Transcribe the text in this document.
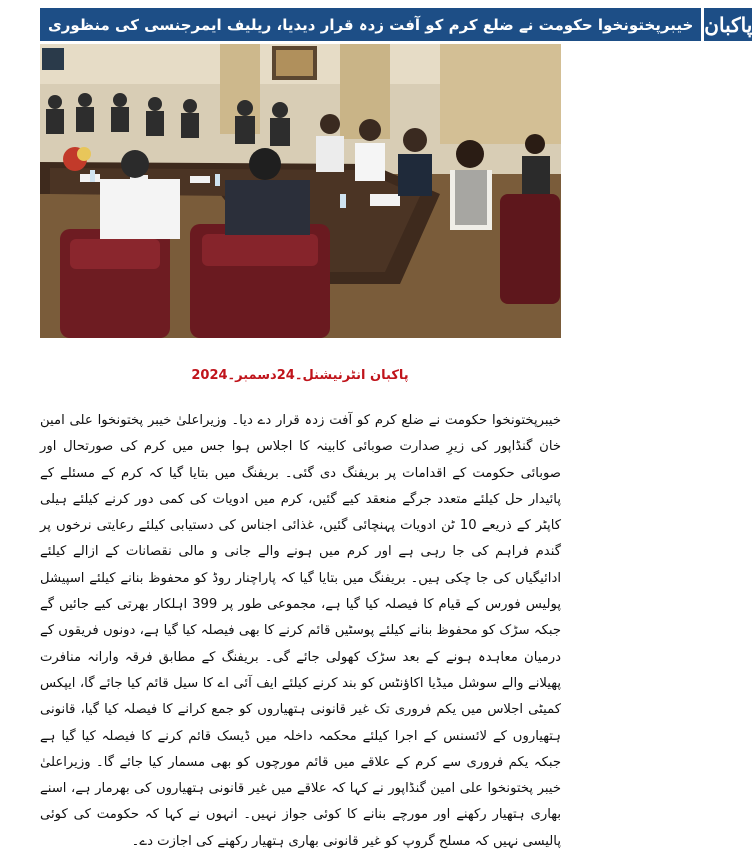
خیبرپختونخوا حکومت نے ضلع کرم کو آفت زدہ قرار دیدیا، ریلیف ایمرجنسی کی منظوری پاکبان
پاکبان انٹرنیشنل۔24دسمبر۔2024

خیبرپختونخوا حکومت نے ضلع کرم کو آفت زدہ قرار دے دیا۔ وزیراعلیٰ خیبر پختونخوا علی امین خان گنڈاپور کی زیرِ صدارت صوبائی کابینہ کا اجلاس ہوا جس میں کرم کی صورتحال اور صوبائی حکومت کے اقدامات پر بریفنگ دی گئی۔ بریفنگ میں بتایا گیا کہ کرم کے مسئلے کے پائیدار حل کیلئے متعدد جرگے منعقد کیے گئیں، کرم میں ادویات کی کمی دور کرنے کیلئے ہیلی کاپٹر کے ذریعے 10 ٹن ادویات پہنچائی گئیں، غذائی اجناس کی دستیابی کیلئے رعایتی نرخوں پر گندم فراہم کی جا رہی ہے اور کرم میں ہونے والے جانی و مالی نقصانات کے ازالے کیلئے ادائیگیاں کی جا چکی ہیں۔ بریفنگ میں بتایا گیا کہ پاراچنار روڈ کو محفوظ بنانے کیلئے اسپیشل پولیس فورس کے قیام کا فیصلہ کیا گیا ہے، مجموعی طور پر 399 اہلکار بھرتی کیے جائیں گے جبکہ سڑک کو محفوظ بنانے کیلئے پوسٹیں قائم کرنے کا بھی فیصلہ کیا گیا ہے، دونوں فریقوں کے درمیان معاہدہ ہونے کے بعد سڑک کھولی جائے گی۔ بریفنگ کے مطابق فرقہ وارانہ منافرت پھیلانے والے سوشل میڈیا اکاؤنٹس کو بند کرنے کیلئے ایف آئی اے کا سیل قائم کیا جائے گا، ایپکس کمیٹی اجلاس میں یکم فروری تک غیر قانونی ہتھیاروں کو جمع کرانے کا فیصلہ کیا گیا، قانونی ہتھیاروں کے لائسنس کے اجرا کیلئے محکمہ داخلہ میں ڈیسک قائم کرنے کا فیصلہ کیا گیا ہے جبکہ یکم فروری سے کرم کے علاقے میں قائم مورچوں کو بھی مسمار کیا جائے گا۔ وزیراعلیٰ خیبر پختونخوا علی امین گنڈاپور نے کہا کہ علاقے میں غیر قانونی ہتھیاروں کی بھرمار ہے، اسنے بھاری ہتھیار رکھنے اور مورچے بنانے کا کوئی جواز نہیں۔ انہوں نے کہا کہ حکومت کی کوئی پالیسی نہیں کہ مسلح گروپ کو غیر قانونی بھاری ہتھیار رکھنے کی اجازت دے۔
